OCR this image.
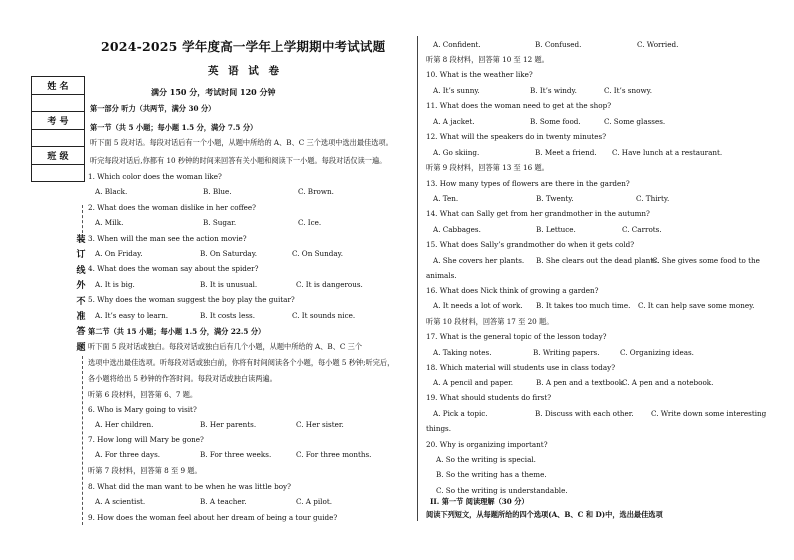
2024-2025 学年度高一学年上学期期中考试试题
英 语 试 卷
满分 150 分，考试时间 120 分钟
姓 名

考 号

班 级

装
订
线
外
不
准
答
题
第一部分 听力（共两节，满分 30 分）
第一节（共 5 小题；每小题 1.5 分，满分 7.5 分）
听下面 5 段对话。每段对话后有一个小题，从题中所给的 A、B、C 三个选项中选出最佳选项。
听完每段对话后,你都有 10 秒钟的时间来回答有关小题和阅读下一小题。每段对话仅读一遍。
1. Which color does the woman like?
A. Black.	B. Blue.	C. Brown.
2. What does the woman dislike in her coffee?
A. Milk.	B. Sugar.	C. Ice.
3. When will the man see the action movie?
A. On Friday.	B. On Saturday.	C. On Sunday.
4. What does the woman say about the spider?
A. It is big.	B. It is unusual.	C. It is dangerous.
5. Why does the woman suggest the boy play the guitar?
A. It’s easy to learn.	B. It costs less.	C. It sounds nice.
第二节（共 15 小题；每小题 1.5 分，满分 22.5 分）
听下面 5 段对话或独白。每段对话或独白后有几个小题，从题中所给的 A、B、C 三个
选项中选出最佳选项。听每段对话或独白前，你将有时间阅读各个小题，每小题 5 秒钟;听完后，
各小题将给出 5 秒钟的作答时间。每段对话或独白读两遍。
听第 6 段材料，回答第 6、7 题。
6. Who is Mary going to visit?
A. Her children.	B. Her parents.	C. Her sister.
7. How long will Mary be gone?
A. For three days.	B. For three weeks.	C. For three months.
听第 7 段材料，回答第 8 至 9 题。
8. What did the man want to be when he was little boy?
A. A scientist.	B. A teacher.	C. A pilot.
9. How does the woman feel about her dream of being a tour guide?
A. Confident.	B. Confused.	C. Worried.
听第 8 段材料，回答第 10 至 12 题。
10. What is the weather like?
A. It’s sunny.	B. It’s windy.	C. It’s snowy.
11. What does the woman need to get at the shop?
A. A jacket.	B. Some food.	C. Some glasses.
12. What will the speakers do in twenty minutes?
A. Go skiing.	B. Meet a friend. C. Have lunch at a restaurant.
听第 9 段材料，回答第 13 至 16 题。
13. How many types of flowers are there in the garden?
A. Ten.	B. Twenty.	C. Thirty.
14. What can Sally get from her grandmother in the autumn?
A. Cabbages.	B. Lettuce.	C. Carrots.
15. What does Sally’s grandmother do when it gets cold?
A. She covers her plants. B. She clears out the dead plants.
C. She gives some food to the
animals.
16. What does Nick think of growing a garden?
A. It needs a lot of work. B. It takes too much time. C. It can help save some money.
听第 10 段材料，回答第 17 至 20 题。
17. What is the general topic of the lesson today?
A. Taking notes.	B. Writing papers.	C. Organizing ideas.
18. Which material will students use in class today?
A. A pencil and paper.	B. A pen and a textbook.
C. A pen and a notebook.
19. What should students do first?
A. Pick a topic.	B. Discuss with each other. C. Write down some interesting
things.
20. Why is organizing important?
A. So the writing is special.
B. So the writing has a theme.
C. So the writing is understandable.
II. 第一节 阅读理解（30 分）
阅读下列短文，从每题所给的四个选项(A、B、C 和 D)中，选出最佳选项
